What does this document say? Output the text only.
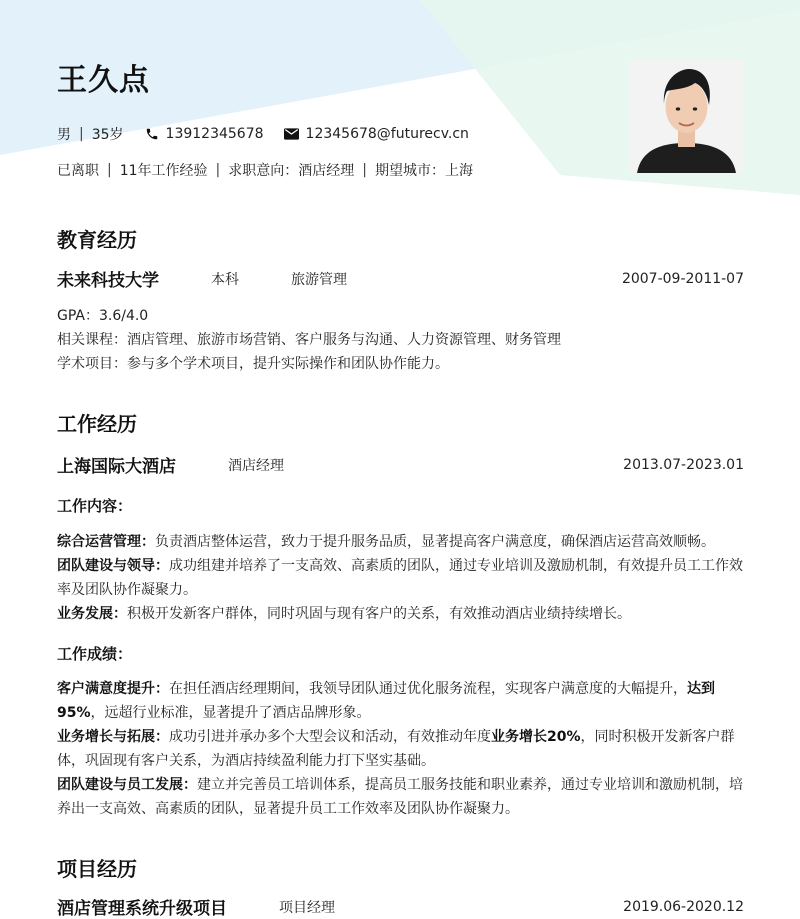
王久点
男 | 35岁	13912345678	12345678@futurecv.cn
已离职 | 11年工作经验 | 求职意向：酒店经理 | 期望城市：上海
教育经历
未来科技大学	本科	旅游管理	2007-09-2011-07
GPA：3.6/4.0
相关课程：酒店管理、旅游市场营销、客户服务与沟通、人力资源管理、财务管理
学术项目：参与多个学术项目，提升实际操作和团队协作能力。
工作经历
上海国际大酒店	酒店经理	2013.07-2023.01
工作内容：
综合运营管理：负责酒店整体运营，致力于提升服务品质，显著提高客户满意度，确保酒店运营高效顺畅。
团队建设与领导：成功组建并培养了一支高效、高素质的团队，通过专业培训及激励机制，有效提升员工工作效率及团队协作凝聚力。
业务发展：积极开发新客户群体，同时巩固与现有客户的关系，有效推动酒店业绩持续增长。
工作成绩：
客户满意度提升：在担任酒店经理期间，我领导团队通过优化服务流程，实现客户满意度的大幅提升，达到95%，远超行业标准，显著提升了酒店品牌形象。
业务增长与拓展：成功引进并承办多个大型会议和活动，有效推动年度业务增长20%，同时积极开发新客户群体，巩固现有客户关系，为酒店持续盈利能力打下坚实基础。
团队建设与员工发展：建立并完善员工培训体系，提高员工服务技能和职业素养，通过专业培训和激励机制，培养出一支高效、高素质的团队，显著提升员工工作效率及团队协作凝聚力。
项目经历
酒店管理系统升级项目	项目经理	2019.06-2020.12
